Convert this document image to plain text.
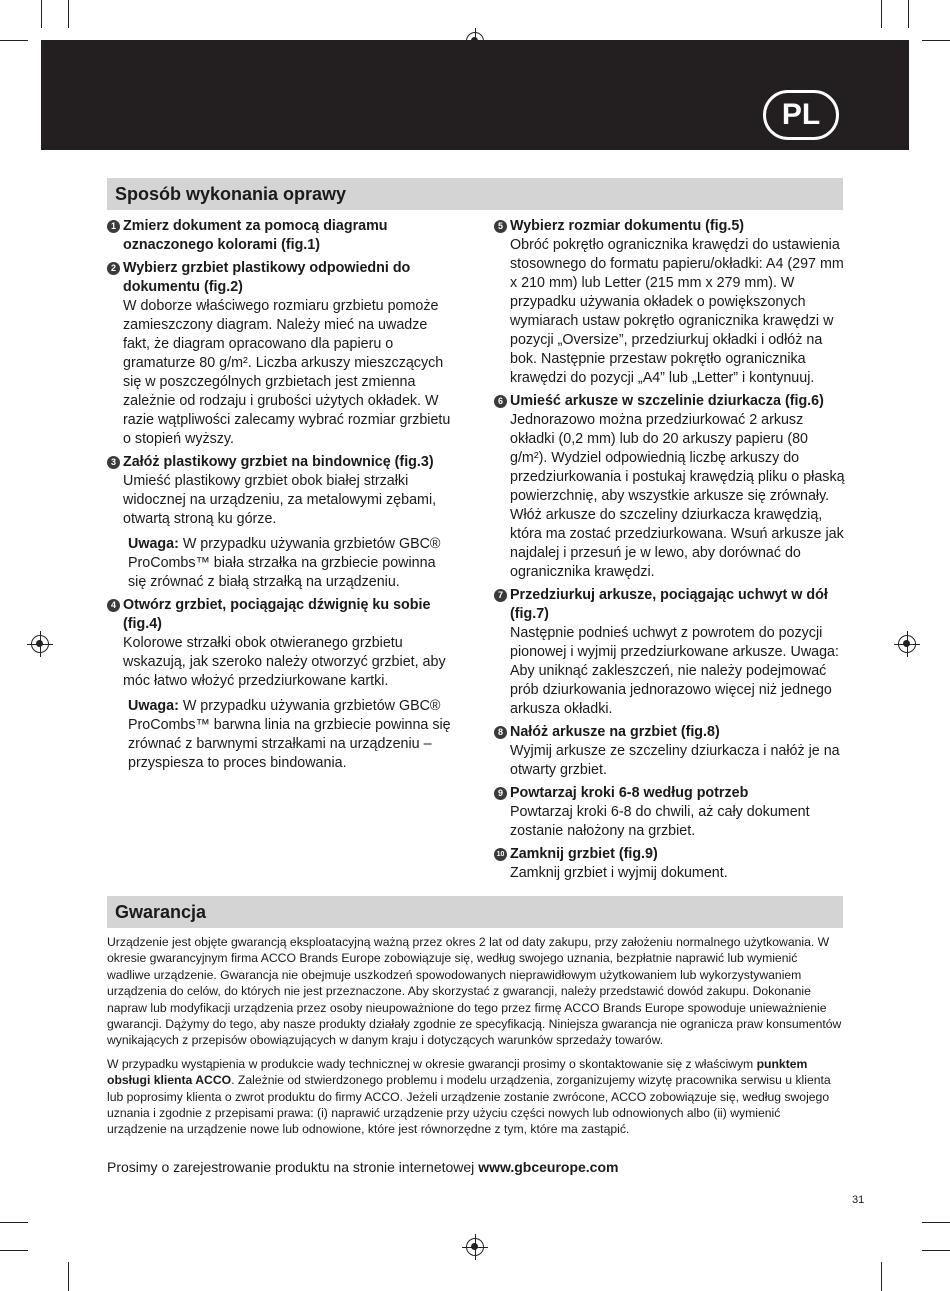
PL
Sposób wykonania oprawy
1 Zmierz dokument za pomocą diagramu oznaczonego kolorami (fig.1)
2 Wybierz grzbiet plastikowy odpowiedni do dokumentu (fig.2)
W doborze właściwego rozmiaru grzbietu pomoże zamieszczony diagram. Należy mieć na uwadze fakt, że diagram opracowano dla papieru o gramaturze 80 g/m². Liczba arkuszy mieszczących się w poszczególnych grzbietach jest zmienna zależnie od rodzaju i grubości użytych okładek. W razie wątpliwości zalecamy wybrać rozmiar grzbietu o stopień wyższy.
3 Załóż plastikowy grzbiet na bindownicę (fig.3)
Umieść plastikowy grzbiet obok białej strzałki widocznej na urządzeniu, za metalowymi zębami, otwartą stroną ku górze.
Uwaga: W przypadku używania grzbietów GBC® ProCombs™ biała strzałka na grzbiecie powinna się zrównać z białą strzałką na urządzeniu.
4 Otwórz grzbiet, pociągając dźwignię ku sobie (fig.4)
Kolorowe strzałki obok otwieranego grzbietu wskazują, jak szeroko należy otworzyć grzbiet, aby móc łatwo włożyć przedziurkowane kartki.
Uwaga: W przypadku używania grzbietów GBC® ProCombs™ barwna linia na grzbiecie powinna się zrównać z barwnymi strzałkami na urządzeniu – przyspiesza to proces bindowania.
5 Wybierz rozmiar dokumentu (fig.5)
Obróć pokrętło ogranicznika krawędzi do ustawienia stosownego do formatu papieru/okładki: A4 (297 mm x 210 mm) lub Letter (215 mm x 279 mm). W przypadku używania okładek o powiększonych wymiarach ustaw pokrętło ogranicznika krawędzi w pozycji „Oversize”, przedziurkuj okładki i odłóż na bok. Następnie przestaw pokrętło ogranicznika krawędzi do pozycji „A4” lub „Letter” i kontynuuj.
6 Umieść arkusze w szczelinie dziurkacza (fig.6)
Jednorazowo można przedziurkować 2 arkusz okładki (0,2 mm) lub do 20 arkuszy papieru (80 g/m²). Wydziel odpowiednią liczbę arkuszy do przedziurkowania i postukaj krawędzią pliku o płaską powierzchnię, aby wszystkie arkusze się zrównały. Włóż arkusze do szczeliny dziurkacza krawędzią, która ma zostać przedziurkowana. Wsuń arkusze jak najdalej i przesuń je w lewo, aby dorównać do ogranicznika krawędzi.
7 Przedziurkuj arkusze, pociągając uchwyt w dół (fig.7)
Następnie podnieś uchwyt z powrotem do pozycji pionowej i wyjmij przedziurkowane arkusze. Uwaga: Aby uniknąć zakleszczeń, nie należy podejmować prób dziurkowania jednorazowo więcej niż jednego arkusza okładki.
8 Nałóż arkusze na grzbiet (fig.8)
Wyjmij arkusze ze szczeliny dziurkacza i nałóż je na otwarty grzbiet.
9 Powtarzaj kroki 6-8 według potrzeb
Powtarzaj kroki 6-8 do chwili, aż cały dokument zostanie nałożony na grzbiet.
10 Zamknij grzbiet (fig.9)
Zamknij grzbiet i wyjmij dokument.
Gwarancja

Urządzenie jest objęte gwarancją eksploatacyjną ważną przez okres 2 lat od daty zakupu, przy założeniu normalnego użytkowania. W okresie gwarancyjnym firma ACCO Brands Europe zobowiązuje się, według swojego uznania, bezpłatnie naprawić lub wymienić wadliwe urządzenie. Gwarancja nie obejmuje uszkodzeń spowodowanych nieprawidłowym użytkowaniem lub wykorzystywaniem urządzenia do celów, do których nie jest przeznaczone. Aby skorzystać z gwarancji, należy przedstawić dowód zakupu. Dokonanie napraw lub modyfikacji urządzenia przez osoby nieupoważnione do tego przez firmę ACCO Brands Europe spowoduje unieważnienie gwarancji. Dążymy do tego, aby nasze produkty działały zgodnie ze specyfikacją. Niniejsza gwarancja nie ogranicza praw konsumentów wynikających z przepisów obowiązujących w danym kraju i dotyczących warunków sprzedaży towarów.

W przypadku wystąpienia w produkcie wady technicznej w okresie gwarancji prosimy o skontaktowanie się z właściwym punktem obsługi klienta ACCO. Zależnie od stwierdzonego problemu i modelu urządzenia, zorganizujemy wizytę pracownika serwisu u klienta lub poprosimy klienta o zwrot produktu do firmy ACCO. Jeżeli urządzenie zostanie zwrócone, ACCO zobowiązuje się, według swojego uznania i zgodnie z przepisami prawa: (i) naprawić urządzenie przy użyciu części nowych lub odnowionych albo (ii) wymienić urządzenie na urządzenie nowe lub odnowione, które jest równorzędne z tym, które ma zastąpić.

Prosimy o zarejestrowanie produktu na stronie internetowej www.gbceurope.com
31
